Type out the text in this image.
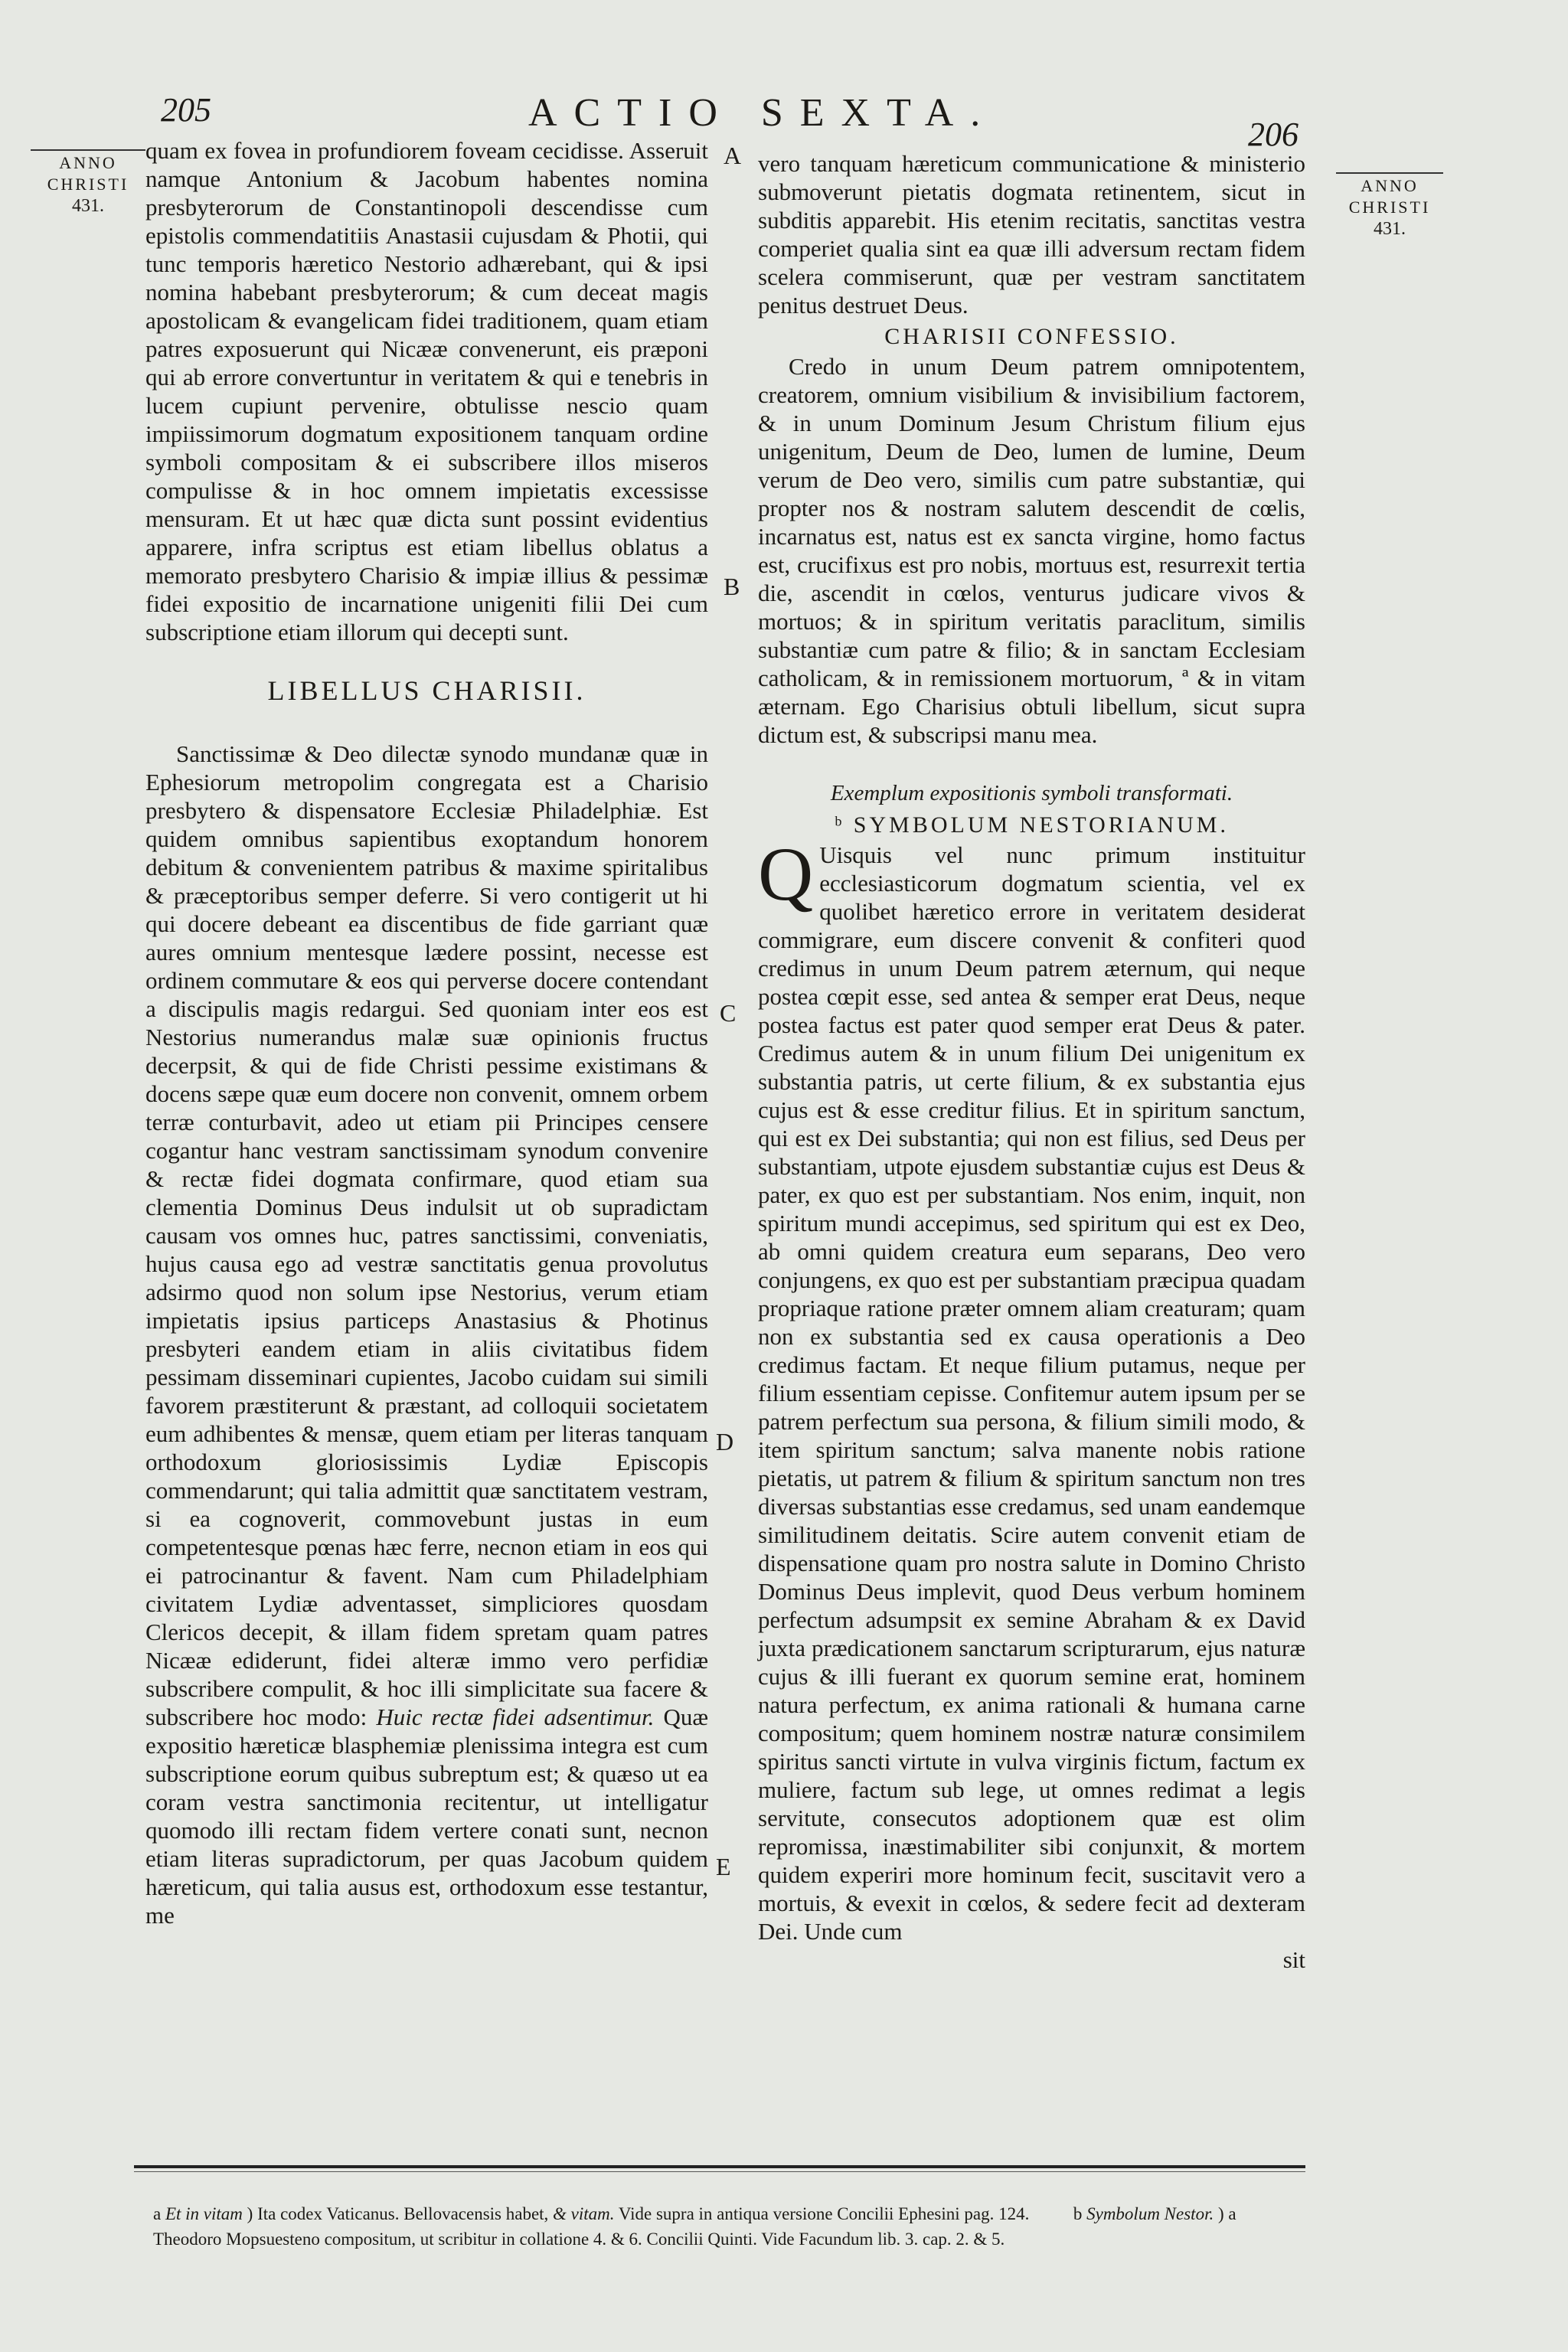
205	ACTIO SEXTA.	206
ANNO
CHRISTI
431.
ANNO
CHRISTI
431.
A
B
C
D
E

quam ex fovea in profundiorem foveam cecidisse. Asseruit namque Antonium & Jacobum habentes nomina presbyterorum de Constantinopoli descendisse cum epistolis commendatitiis Anastasii cujusdam & Photii, qui tunc temporis hæretico Nestorio adhærebant, qui & ipsi nomina habebant presbyterorum; & cum deceat magis apostolicam & evangelicam fidei traditionem, quam etiam patres exposuerunt qui Nicææ convenerunt, eis præponi qui ab errore convertuntur in veritatem & qui e tenebris in lucem cupiunt pervenire, obtulisse nescio quam impiissimorum dogmatum expositionem tanquam ordine symboli compositam & ei subscribere illos miseros compulisse & in hoc omnem impietatis excessisse mensuram. Et ut hæc quæ dicta sunt possint evidentius apparere, infra scriptus est etiam libellus oblatus a memorato presbytero Charisio & impiæ illius & pessimæ fidei expositio de incarnatione unigeniti filii Dei cum subscriptione etiam illorum qui decepti sunt.

LIBELLUS CHARISII.

Sanctissimæ & Deo dilectæ synodo mundanæ quæ in Ephesiorum metropolim congregata est a Charisio presbytero & dispensatore Ecclesiæ Philadelphiæ. Est quidem omnibus sapientibus exoptandum honorem debitum & convenientem patribus & maxime spiritalibus & præceptoribus semper deferre. Si vero contigerit ut hi qui docere debeant ea discentibus de fide garriant quæ aures omnium mentesque lædere possint, necesse est ordinem commutare & eos qui perverse docere contendant a discipulis magis redargui. Sed quoniam inter eos est Nestorius numerandus malæ suæ opinionis fructus decerpsit, & qui de fide Christi pessime existimans & docens sæpe quæ eum docere non convenit, omnem orbem terræ conturbavit, adeo ut etiam pii Principes censere cogantur hanc vestram sanctissimam synodum convenire & rectæ fidei dogmata confirmare, quod etiam sua clementia Dominus Deus indulsit ut ob supradictam causam vos omnes huc, patres sanctissimi, conveniatis, hujus causa ego ad vestræ sanctitatis genua provolutus adsirmo quod non solum ipse Nestorius, verum etiam impietatis ipsius particeps Anastasius & Photinus presbyteri eandem etiam in aliis civitatibus fidem pessimam disseminari cupientes, Jacobo cuidam sui simili favorem præstiterunt & præstant, ad colloquii societatem eum adhibentes & mensæ, quem etiam per literas tanquam orthodoxum gloriosissimis Lydiæ Episcopis commendarunt; qui talia admittit quæ sanctitatem vestram, si ea cognoverit, commovebunt justas in eum competentesque pœnas hæc ferre, necnon etiam in eos qui ei patrocinantur & favent. Nam cum Philadelphiam civitatem Lydiæ adventasset, simpliciores quosdam Clericos decepit, & illam fidem spretam quam patres Nicææ ediderunt, fidei alteræ immo vero perfidiæ subscribere compulit, & hoc illi simplicitate sua facere & subscribere hoc modo: Huic rectæ fidei adsentimur. Quæ expositio hæreticæ blasphemiæ plenissima integra est cum subscriptione eorum quibus subreptum est; & quæso ut ea coram vestra sanctimonia recitentur, ut intelligatur quomodo illi rectam fidem vertere conati sunt, necnon etiam literas supradictorum, per quas Jacobum quidem hæreticum, qui talia ausus est, orthodoxum esse testantur, me

vero tanquam hæreticum communicatione & ministerio submoverunt pietatis dogmata retinentem, sicut in subditis apparebit. His etenim recitatis, sanctitas vestra comperiet qualia sint ea quæ illi adversum rectam fidem scelera commiserunt, quæ per vestram sanctitatem penitus destruet Deus.

CHARISII CONFESSIO.

Credo in unum Deum patrem omnipotentem, creatorem, omnium visibilium & invisibilium factorem, & in unum Dominum Jesum Christum filium ejus unigenitum, Deum de Deo, lumen de lumine, Deum verum de Deo vero, similis cum patre substantiæ, qui propter nos & nostram salutem descendit de cœlis, incarnatus est, natus est ex sancta virgine, homo factus est, crucifixus est pro nobis, mortuus est, resurrexit tertia die, ascendit in cœlos, venturus judicare vivos & mortuos; & in spiritum veritatis paraclitum, similis substantiæ cum patre & filio; & in sanctam Ecclesiam catholicam, & in remissionem mortuorum, ª & in vitam æternam. Ego Charisius obtuli libellum, sicut supra dictum est, & subscripsi manu mea.

Exemplum expositionis symboli transformati.
ᵇ SYMBOLUM NESTORIANUM.

Q Uisquis vel nunc primum instituitur ecclesiasticorum dogmatum scientia, vel ex quolibet hæretico errore in veritatem desiderat commigrare, eum discere convenit & confiteri quod credimus in unum Deum patrem æternum, qui neque postea cœpit esse, sed antea & semper erat Deus, neque postea factus est pater quod semper erat Deus & pater. Credimus autem & in unum filium Dei unigenitum ex substantia patris, ut certe filium, & ex substantia ejus cujus est & esse creditur filius. Et in spiritum sanctum, qui est ex Dei substantia; qui non est filius, sed Deus per substantiam, utpote ejusdem substantiæ cujus est Deus & pater, ex quo est per substantiam. Nos enim, inquit, non spiritum mundi accepimus, sed spiritum qui est ex Deo, ab omni quidem creatura eum separans, Deo vero conjungens, ex quo est per substantiam præcipua quadam propriaque ratione præter omnem aliam creaturam; quam non ex substantia sed ex causa operationis a Deo credimus factam. Et neque filium putamus, neque per filium essentiam cepisse. Confitemur autem ipsum per se patrem perfectum sua persona, & filium simili modo, & item spiritum sanctum; salva manente nobis ratione pietatis, ut patrem & filium & spiritum sanctum non tres diversas substantias esse credamus, sed unam eandemque similitudinem deitatis. Scire autem convenit etiam de dispensatione quam pro nostra salute in Domino Christo Dominus Deus implevit, quod Deus verbum hominem perfectum adsumpsit ex semine Abraham & ex David juxta prædicationem sanctarum scripturarum, ejus naturæ cujus & illi fuerant ex quorum semine erat, hominem natura perfectum, ex anima rationali & humana carne compositum; quem hominem nostræ naturæ consimilem spiritus sancti virtute in vulva virginis fictum, factum ex muliere, factum sub lege, ut omnes redimat a legis servitute, consecutos adoptionem quæ est olim repromissa, inæstimabiliter sibi conjunxit, & mortem quidem experiri more hominum fecit, suscitavit vero a mortuis, & evexit in cœlos, & sedere fecit ad dexteram Dei. Unde cum

sit

a Et in vitam ) Ita codex Vaticanus. Bellovacensis habet, & vitam. Vide supra in antiqua versione Concilii Ephesini pag. 124.	b Symbolum Nestor. ) a Theodoro Mopsuesteno compositum, ut scribitur in collatione 4. & 6. Concilii Quinti. Vide Facundum lib. 3. cap. 2. & 5.
